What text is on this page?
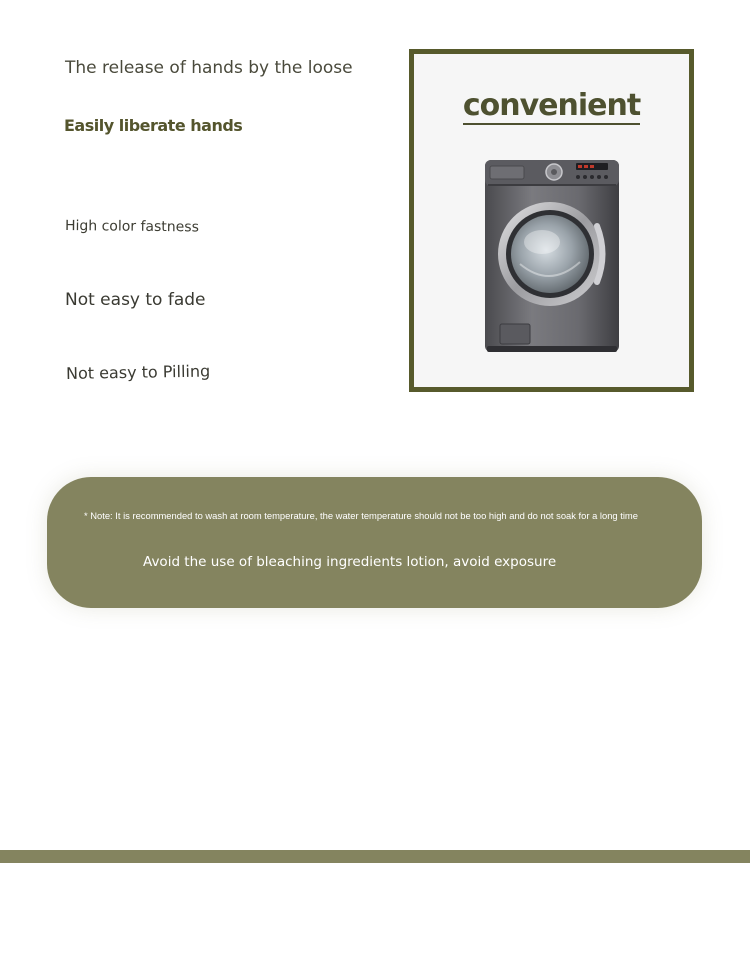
The release of hands by the loose

Easily liberate hands

High color fastness

Not easy to fade

Not easy to Pilling

convenient

* Note: It is recommended to wash at room temperature, the water temperature should not be too high and do not soak for a long time

Avoid the use of bleaching ingredients lotion, avoid exposure
